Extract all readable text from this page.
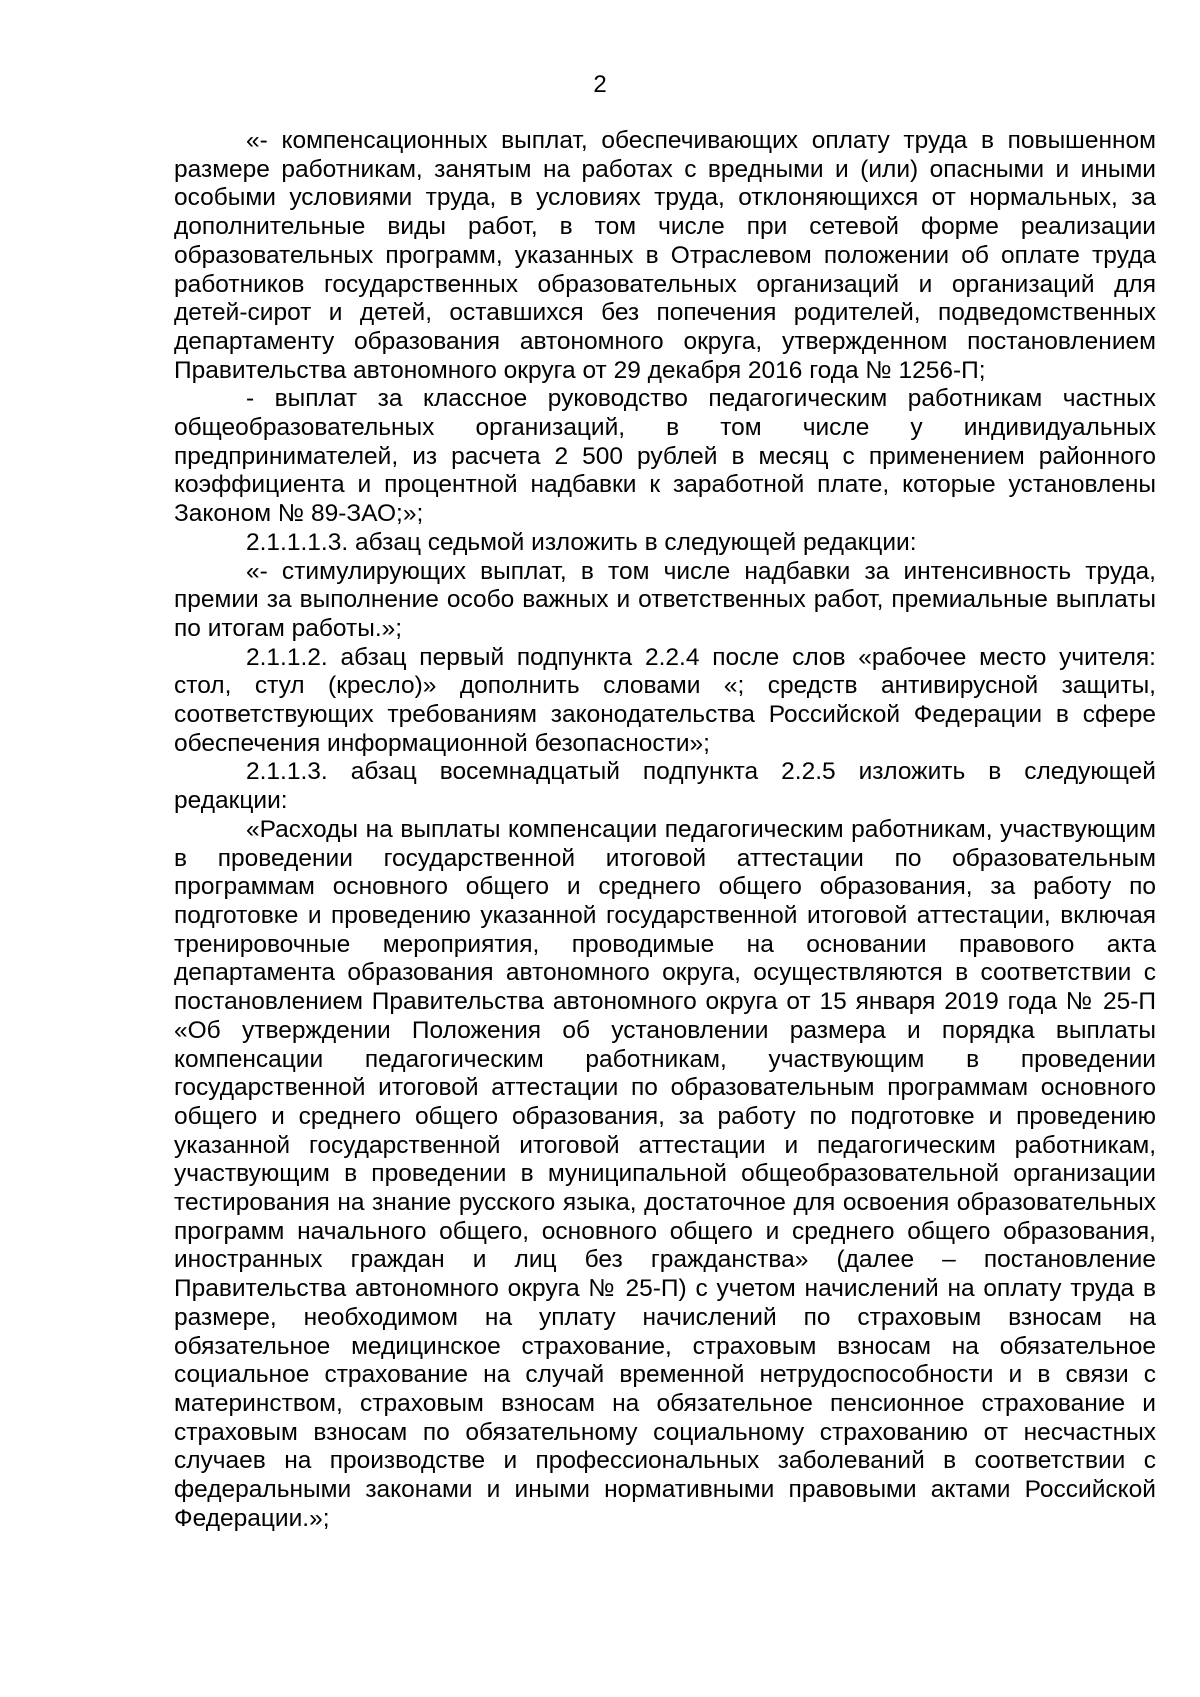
2

«- компенсационных выплат, обеспечивающих оплату труда в повышенном размере работникам, занятым на работах с вредными и (или) опасными и иными особыми условиями труда, в условиях труда, отклоняющихся от нормальных, за дополнительные виды работ, в том числе при сетевой форме реализации образовательных программ, указанных в Отраслевом положении об оплате труда работников государственных образовательных организаций и организаций для детей-сирот и детей, оставшихся без попечения родителей, подведомственных департаменту образования автономного округа, утвержденном постановлением Правительства автономного округа от 29 декабря 2016 года № 1256-П;

- выплат за классное руководство педагогическим работникам частных общеобразовательных организаций, в том числе у индивидуальных предпринимателей, из расчета 2 500 рублей в месяц с применением районного коэффициента и процентной надбавки к заработной плате, которые установлены Законом № 89-ЗАО;»;

2.1.1.1.3. абзац седьмой изложить в следующей редакции:

«- стимулирующих выплат, в том числе надбавки за интенсивность труда, премии за выполнение особо важных и ответственных работ, премиальные выплаты по итогам работы.»;

2.1.1.2. абзац первый подпункта 2.2.4 после слов «рабочее место учителя: стол, стул (кресло)» дополнить словами «; средств антивирусной защиты, соответствующих требованиям законодательства Российской Федерации в сфере обеспечения информационной безопасности»;

2.1.1.3. абзац восемнадцатый подпункта 2.2.5 изложить в следующей редакции:

«Расходы на выплаты компенсации педагогическим работникам, участвующим в проведении государственной итоговой аттестации по образовательным программам основного общего и среднего общего образования, за работу по подготовке и проведению указанной государственной итоговой аттестации, включая тренировочные мероприятия, проводимые на основании правового акта департамента образования автономного округа, осуществляются в соответствии с постановлением Правительства автономного округа от 15 января 2019 года № 25-П «Об утверждении Положения об установлении размера и порядка выплаты компенсации педагогическим работникам, участвующим в проведении государственной итоговой аттестации по образовательным программам основного общего и среднего общего образования, за работу по подготовке и проведению указанной государственной итоговой аттестации и педагогическим работникам, участвующим в проведении в муниципальной общеобразовательной организации тестирования на знание русского языка, достаточное для освоения образовательных программ начального общего, основного общего и среднего общего образования, иностранных граждан и лиц без гражданства» (далее – постановление Правительства автономного округа № 25-П) с учетом начислений на оплату труда в размере, необходимом на уплату начислений по страховым взносам на обязательное медицинское страхование, страховым взносам на обязательное социальное страхование на случай временной нетрудоспособности и в связи с материнством, страховым взносам на обязательное пенсионное страхование и страховым взносам по обязательному социальному страхованию от несчастных случаев на производстве и профессиональных заболеваний в соответствии с федеральными законами и иными нормативными правовыми актами Российской Федерации.»;
